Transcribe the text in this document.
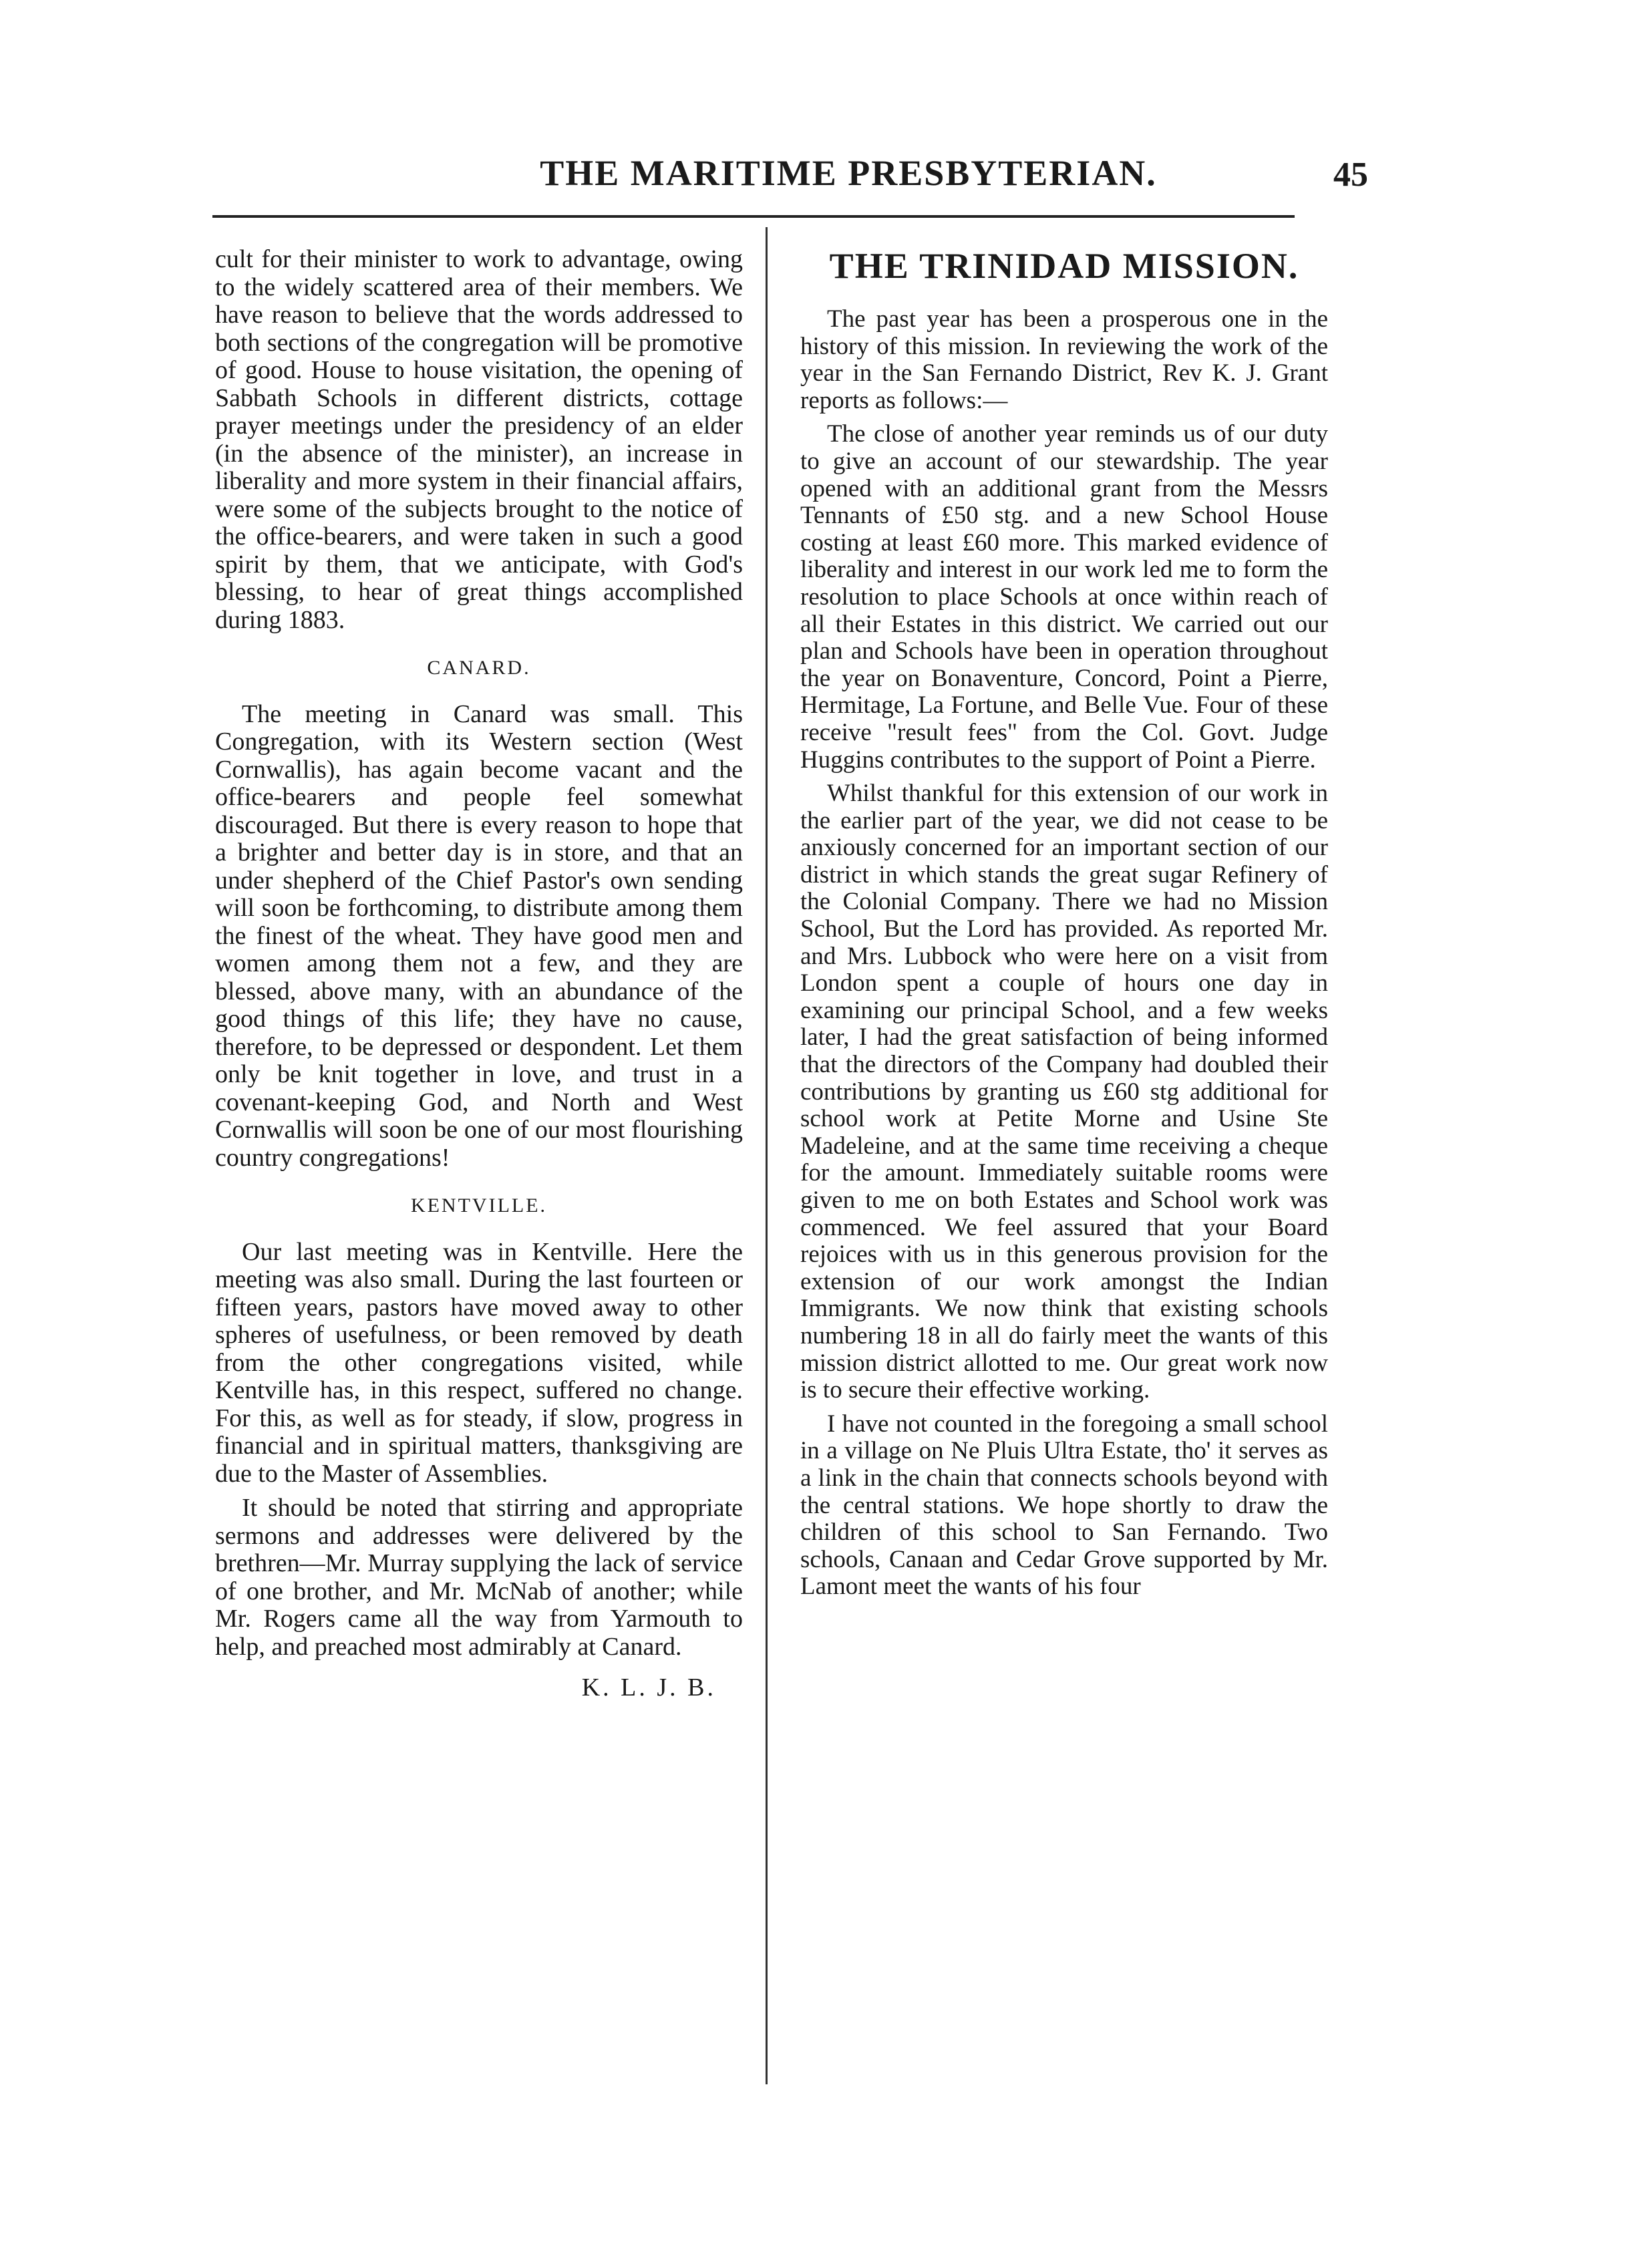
THE MARITIME PRESBYTERIAN.	45

cult for their minister to work to advantage, owing to the widely scattered area of their members. We have reason to believe that the words addressed to both sections of the congregation will be promotive of good. House to house visitation, the opening of Sabbath Schools in different districts, cottage prayer meetings under the presidency of an elder (in the absence of the minister), an increase in liberality and more system in their financial affairs, were some of the subjects brought to the notice of the office-bearers, and were taken in such a good spirit by them, that we anticipate, with God's blessing, to hear of great things accomplished during 1883.

CANARD.

The meeting in Canard was small. This Congregation, with its Western section (West Cornwallis), has again become vacant and the office-bearers and people feel somewhat discouraged. But there is every reason to hope that a brighter and better day is in store, and that an under shepherd of the Chief Pastor's own sending will soon be forthcoming, to distribute among them the finest of the wheat. They have good men and women among them not a few, and they are blessed, above many, with an abundance of the good things of this life; they have no cause, therefore, to be depressed or despondent. Let them only be knit together in love, and trust in a covenant-keeping God, and North and West Cornwallis will soon be one of our most flourishing country congregations!

KENTVILLE.

Our last meeting was in Kentville. Here the meeting was also small. During the last fourteen or fifteen years, pastors have moved away to other spheres of usefulness, or been removed by death from the other congregations visited, while Kentville has, in this respect, suffered no change. For this, as well as for steady, if slow, progress in financial and in spiritual matters, thanksgiving are due to the Master of Assemblies.

It should be noted that stirring and appropriate sermons and addresses were delivered by the brethren—Mr. Murray supplying the lack of service of one brother, and Mr. McNab of another; while Mr. Rogers came all the way from Yarmouth to help, and preached most admirably at Canard.

K. L. J. B.

THE TRINIDAD MISSION.

The past year has been a prosperous one in the history of this mission. In reviewing the work of the year in the San Fernando District, Rev K. J. Grant reports as follows:—

The close of another year reminds us of our duty to give an account of our stewardship. The year opened with an additional grant from the Messrs Tennants of £50 stg. and a new School House costing at least £60 more. This marked evidence of liberality and interest in our work led me to form the resolution to place Schools at once within reach of all their Estates in this district. We carried out our plan and Schools have been in operation throughout the year on Bonaventure, Concord, Point a Pierre, Hermitage, La Fortune, and Belle Vue. Four of these receive "result fees" from the Col. Govt. Judge Huggins contributes to the support of Point a Pierre.

Whilst thankful for this extension of our work in the earlier part of the year, we did not cease to be anxiously concerned for an important section of our district in which stands the great sugar Refinery of the Colonial Company. There we had no Mission School, But the Lord has provided. As reported Mr. and Mrs. Lubbock who were here on a visit from London spent a couple of hours one day in examining our principal School, and a few weeks later, I had the great satisfaction of being informed that the directors of the Company had doubled their contributions by granting us £60 stg additional for school work at Petite Morne and Usine Ste Madeleine, and at the same time receiving a cheque for the amount. Immediately suitable rooms were given to me on both Estates and School work was commenced. We feel assured that your Board rejoices with us in this generous provision for the extension of our work amongst the Indian Immigrants. We now think that existing schools numbering 18 in all do fairly meet the wants of this mission district allotted to me. Our great work now is to secure their effective working.

I have not counted in the foregoing a small school in a village on Ne Pluis Ultra Estate, tho' it serves as a link in the chain that connects schools beyond with the central stations. We hope shortly to draw the children of this school to San Fernando. Two schools, Canaan and Cedar Grove supported by Mr. Lamont meet the wants of his four
